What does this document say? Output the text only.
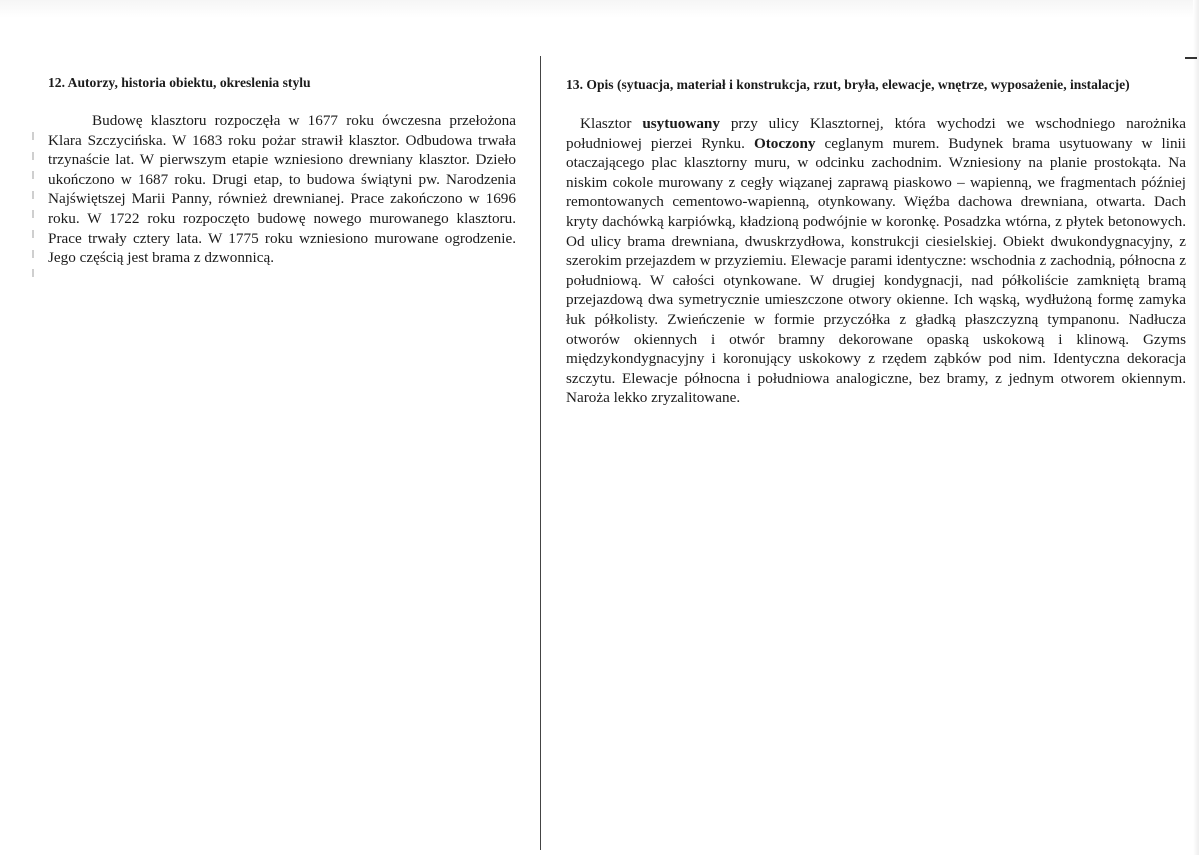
12. Autorzy, historia obiektu, okreslenia stylu

Budowę klasztoru rozpoczęła w 1677 roku ówczesna przełożona Klara Szczycińska. W 1683 roku pożar strawił klasztor. Odbudowa trwała trzynaście lat. W pierwszym etapie wzniesiono drewniany klasztor. Dzieło ukończono w 1687 roku. Drugi etap, to budowa świątyni pw. Narodzenia Najświętszej Marii Panny, również drewnianej. Prace zakończono w 1696 roku. W 1722 roku rozpoczęto budowę nowego murowanego klasztoru. Prace trwały cztery lata. W 1775 roku wzniesiono murowane ogrodzenie. Jego częścią jest brama z dzwonnicą.

13. Opis (sytuacja, materiał i konstrukcja, rzut, bryła, elewacje, wnętrze, wyposażenie, instalacje)

Klasztor usytuowany przy ulicy Klasztornej, która wychodzi we wschodniego narożnika południowej pierzei Rynku. Otoczony ceglanym murem. Budynek brama usytuowany w linii otaczającego plac klasztorny muru, w odcinku zachodnim. Wzniesiony na planie prostokąta. Na niskim cokole murowany z cegły wiązanej zaprawą piaskowo – wapienną, we fragmentach później remontowanych cementowo-wapienną, otynkowany. Więźba dachowa drewniana, otwarta. Dach kryty dachówką karpiówką, kładzioną podwójnie w koronkę. Posadzka wtórna, z płytek betonowych. Od ulicy brama drewniana, dwuskrzydłowa, konstrukcji ciesielskiej. Obiekt dwukondygnacyjny, z szerokim przejazdem w przyziemiu. Elewacje parami identyczne: wschodnia z zachodnią, północna z południową. W całości otynkowane. W drugiej kondygnacji, nad półkoliście zamkniętą bramą przejazdową dwa symetrycznie umieszczone otwory okienne. Ich wąską, wydłużoną formę zamyka łuk półkolisty. Zwieńczenie w formie przyczółka z gładką płaszczyzną tympanonu. Nadłucza otworów okiennych i otwór bramny dekorowane opaską uskokową i klinową. Gzyms międzykondygnacyjny i koronujący uskokowy z rzędem ząbków pod nim. Identyczna dekoracja szczytu. Elewacje północna i południowa analogiczne, bez bramy, z jednym otworem okiennym. Naroża lekko zryzalitowane.
